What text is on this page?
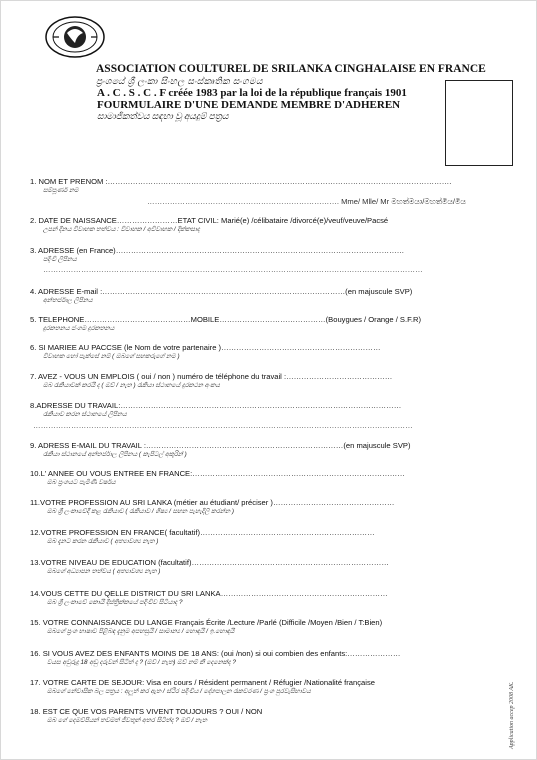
ASSOCIATION COULTUREL DE SRILANKA CINGHALAISE EN FRANCE
ප්‍රංශයේ ශ්‍රී ලංකා සිංහල සංස්කෘතික සංගමය
A . C . S . C . F créée 1983 par la loi de la république français 1901
FOURMULAIRE D'UNE DEMANDE MEMBRE D'ADHEREN
සාමාජිකත්වය සඳහා වූ අයදුම් පත්‍රය
1. NOM ET PRENOM :……………………………………………………………………………………………………………………….
සම්පූර්ණ නම
…………………………………………………………………. Mme/ Mlle/ Mr මහත්මයා/මහත්මිය/මිය
2. DATE DE NAISSANCE……………………ETAT CIVIL: Marié(e) /célibataire /divorcé(e)/veuf/veuve/Pacsé
උපන් දිනය විවාහක තත්වය : විවාහක / අවිවාහක / දික්කසාද
3. ADRESSE (en France)……………………………………………………………………………………………………
පදිංචි ලිපිනය
……………………………………………………………………………………………………………………………………
4. ADRESSE E-mail :……………………………………………………………………………………(en majuscule SVP)
අන්තර්ජාල ලිපිනය
5. TELEPHONE……………………………………MOBILE……………………………………(Bouygues / Orange / S.F.R)
දුරකතනය ජංගම දුරකතනය
6. SI MARIEE AU PACCSE (le Nom de votre partenaire )………………………………………………………
විවාහක හෝ පැක්සේ නම් ( ඔබගේ සහකරුගේ නම )
7. AVEZ - VOUS UN EMPLOIS ( oui / non ) numéro de téléphone du travail :……………………………………
ඔබ රැකියාවක් කරයි ද ( ඔව් / නැත ) රැකියා ස්ථානයේ දුරකථන අංකය
8.ADRESSE DU TRAVAIL:…………………………………………………………………………………………………
රැකියාව කරන ස්ථානයේ ලිපිනය
……………………………………………………………………………………………………………………………………
9. ADRESS E-MAIL DU TRAVAIL :……………………………………………………………………(en majuscule SVP)
රැකියා ස්ථානයේ අන්තර්ජාල ලිපිනය ( කැපිටල් අකුරින් )
10.L' ANNEE OU VOUS ENTREE EN FRANCE:…………………………………………………………………………
ඔබ ප්‍රංශයට පැමිණි වර්ෂය
11.VOTRE PROFESSION AU SRI LANKA (métier au étudiant/ préciser )…………………………………………
ඔබ ශ්‍රී ලංකාවේදී කළ රැකියාව ( රැකියාව / ශිෂ්‍ය / සහන පැහැදිලි කරන්න )
12.VOTRE PROFESSION EN FRANCE( facultatif)……………………………………………………………
ඔබ දැනට කරන රැකියාව ( අත්‍යාවශ්‍ය නැත )
13.VOTRE NIVEAU DE EDUCATION (facultatif)……………………………………………………………………
ඔබගේ අධ්‍යාපන තත්වය ( අත්‍යාවශ්‍ය නැත )
14.VOUS CETTE DU QELLE DISTRICT DU SRI LANKA…………………………………………………………
ඔබ ශ්‍රී ලංකාවේ කොයි දිස්ත්‍රික්කයේ පදිංචිව සිටියාද ?
15. VOTRE CONNAISSANCE DU LANGE Français Écrite /Lecture /Parlé (Difficile /Moyen /Bien / T:Bien)
ඔබගේ ප්‍රංශ භාෂාව පිළිබඳ දැනුම අපහසුයි / සාමාන්‍ය / හොඳයි / ඉ.හොඳයි
16. SI VOUS AVEZ DES ENFANTS MOINS DE 18 ANS: (oui /non) si oui combien des enfants:…………………
වයස අවුරුදු 18 අඩු දරුවන් සිටිත් ද ? (ඔව් / නැත) ඔව් නම් කී දෙනෙක්ද ?
17. VOTRE CARTE DE SEJOUR: Visa en cours / Résident permanent / Réfugier /Nationalité française
ඔබගේ නේවාසික බල පත්‍රය : අලුත් කර ඇත / ස්ථිර පදිංචිය / දේශපාලන රැකවරණ / ප්‍රංශ පුරවැසිභාවය
18. EST CE QUE VOS PARENTS VIVENT TOUJOURS ? OUI / NON
ඔබ ගේ දෙමව්පියන් තවමත් ජීවතුන් අතර සිටිත්ද ? ඔව් / නැත	Application accep 2008 AK.
